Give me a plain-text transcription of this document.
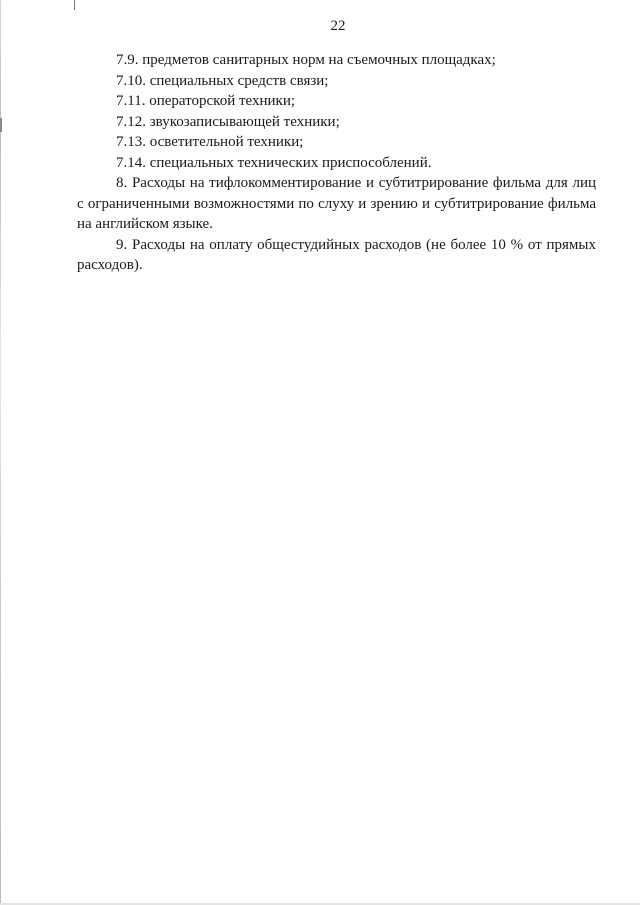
22

7.9. предметов санитарных норм на съемочных площадках;

7.10. специальных средств связи;

7.11. операторской техники;

7.12. звукозаписывающей техники;

7.13. осветительной техники;

7.14. специальных технических приспособлений.

8. Расходы на тифлокомментирование и субтитрирование фильма для лиц с ограниченными возможностями по слуху и зрению и субтитрирование фильма на английском языке.

9. Расходы на оплату общестудийных расходов (не более 10 % от прямых расходов).
